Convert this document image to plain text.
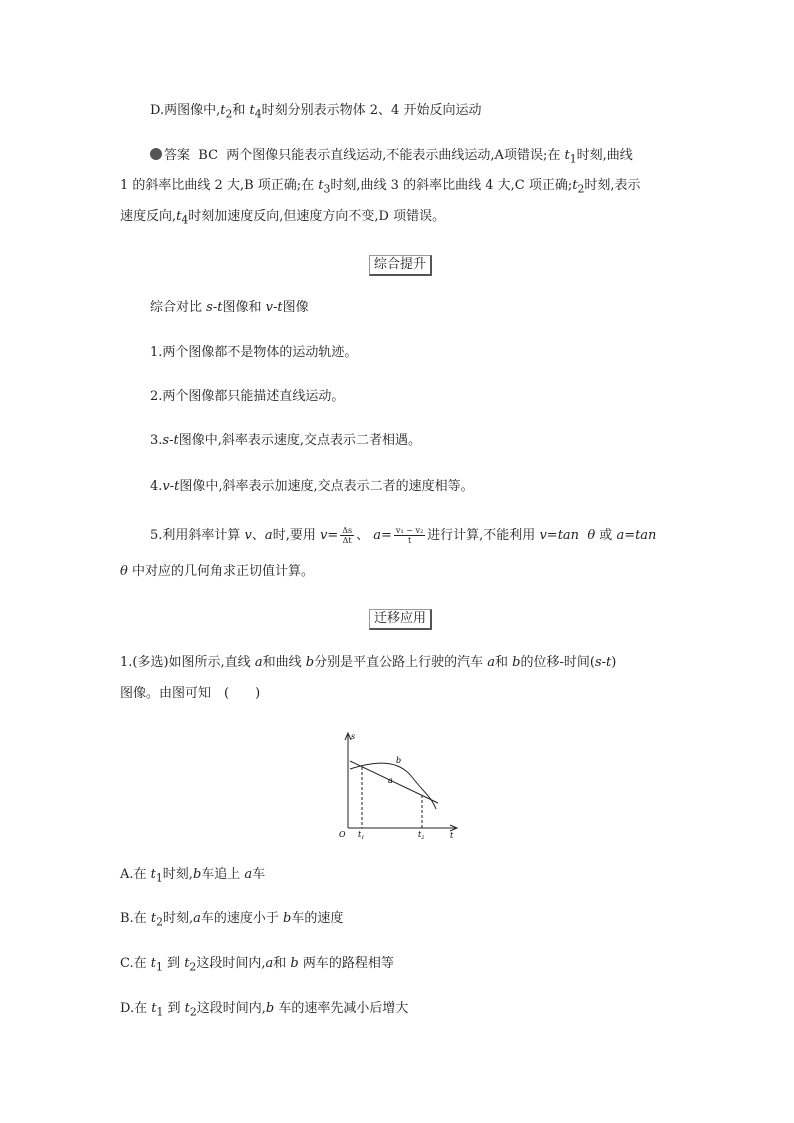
D.两图像中$,t_2$和 $t_4$时刻分别表示物体 2、4 开始反向运动
答案 BC 两个图像只能表示直线运动,不能表示曲线运动,A项错误;在 $t_1$时刻,曲线
1 的斜率比曲线 2 大,B 项正确;在 $t_3$时刻,曲线 3 的斜率比曲线 4 大,C 项正确$;t_2$时刻,表示
速度反向$,t_4$时刻加速度反向,但速度方向不变,D 项错误。
综合提升
综合对比 s-t图像和 v-t图像
1.两个图像都不是物体的运动轨迹。
2.两个图像都只能描述直线运动。
3.s-t图像中,斜率表示速度,交点表示二者相遇。
4.v-t图像中,斜率表示加速度,交点表示二者的速度相等。
5.利用斜率计算 v、a时,要用 $v= \frac{\Delta s}{\Delta t}$ 、 $a= \frac{\text{v₁ − v₂}}{t}$ 进行计算,不能利用 v=tan θ 或 a=tan
θ 中对应的几何角求正切值计算。
迁移应用
1.(多选)如图所示,直线 a和曲线 b分别是平直公路上行驶的汽车 a和 b的位移-时间(s-t)
图像。由图可知　(　　)
s
t
O
a
b
$t_1$	$t_2$
A.在 $t_1$时刻,b车追上 a车
B.在 $t_2$时刻,a车的速度小于 b车的速度
C.在 $t_1$ 到 $t_2$这段时间内,a和 b 两车的路程相等
D.在 $t_1$ 到 $t_2$这段时间内,b 车的速率先减小后增大
